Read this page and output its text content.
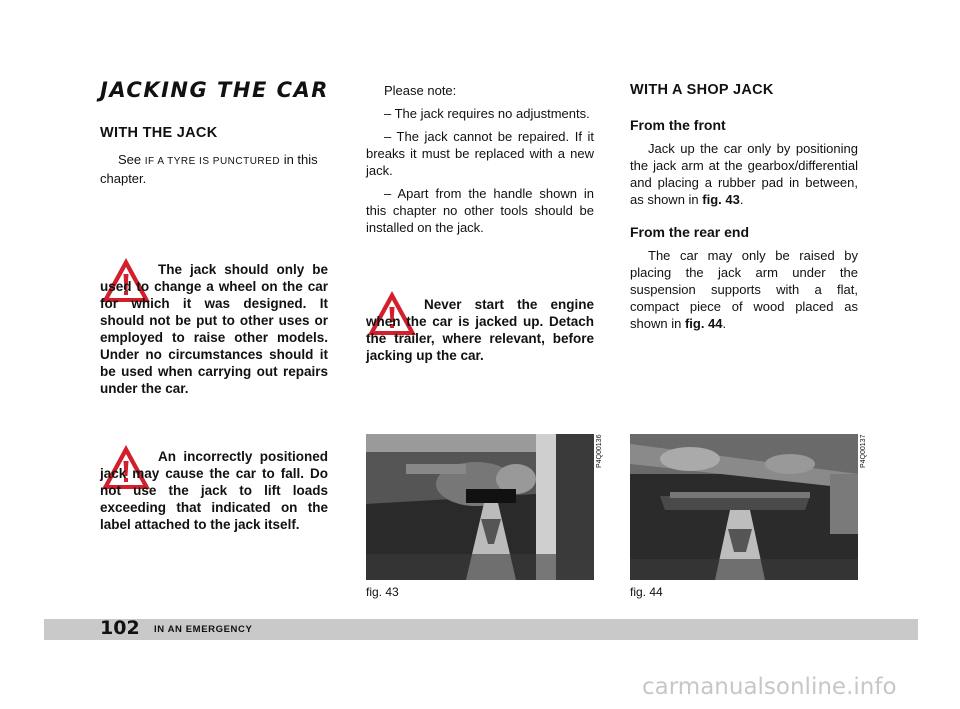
JACKING THE CAR
WITH THE JACK
See IF A TYRE IS PUNCTURED in this chapter.
The jack should only be used to change a wheel on the car for which it was designed. It should not be put to other uses or employed to raise other models. Under no circumstances should it be used when carrying out repairs under the car.
An incorrectly positioned jack may cause the car to fall. Do not use the jack to lift loads exceeding that indicated on the label attached to the jack itself.
Please note:
– The jack requires no adjustments.
– The jack cannot be repaired. If it breaks it must be replaced with a new jack.
– Apart from the handle shown in this chapter no other tools should be installed on the jack.
Never start the engine when the car is jacked up. Detach the trailer, where relevant, before jacking up the car.
P4Q00136
fig. 43
WITH A SHOP JACK
From the front
Jack up the car only by positioning the jack arm at the gearbox/differential and placing a rubber pad in between, as shown in fig. 43.
From the rear end
The car may only be raised by placing the jack arm under the suspension supports with a flat, compact piece of wood placed as shown in fig. 44.
P4Q00137
fig. 44
102 IN AN EMERGENCY
carmanualsonline.info
